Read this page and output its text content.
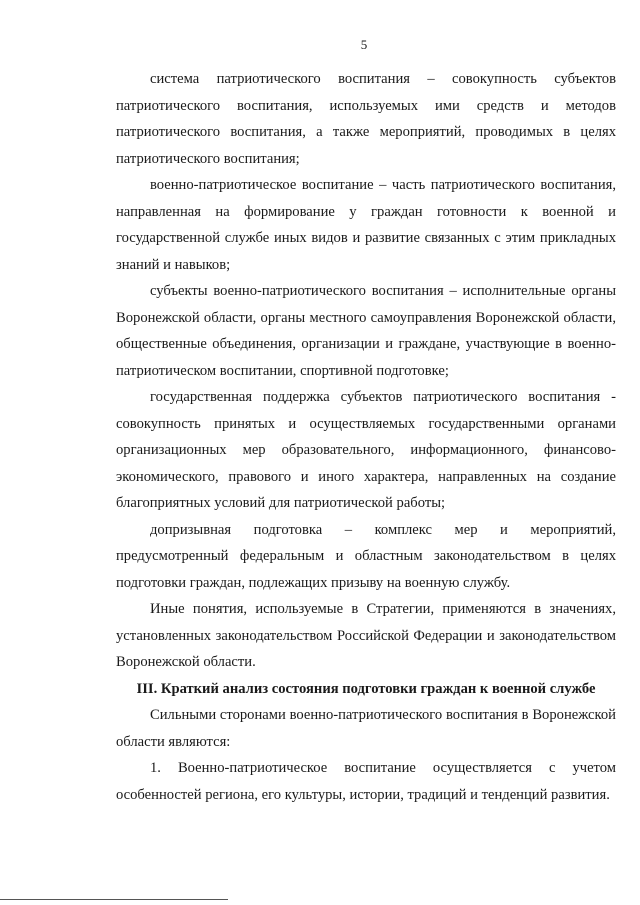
5

система патриотического воспитания – совокупность субъектов патриотического воспитания, используемых ими средств и методов патриотического воспитания, а также мероприятий, проводимых в целях патриотического воспитания;

военно-патриотическое воспитание – часть патриотического воспитания, направленная на формирование у граждан готовности к военной и государственной службе иных видов и развитие связанных с этим прикладных знаний и навыков;

субъекты военно-патриотического воспитания – исполнительные органы Воронежской области, органы местного самоуправления Воронежской области, общественные объединения, организации и граждане, участвующие в военно-патриотическом воспитании, спортивной подготовке;

государственная поддержка субъектов патриотического воспитания - совокупность принятых и осуществляемых государственными органами организационных мер образовательного, информационного, финансово-экономического, правового и иного характера, направленных на создание благоприятных условий для патриотической работы;

допризывная подготовка – комплекс мер и мероприятий, предусмотренный федеральным и областным законодательством в целях подготовки граждан, подлежащих призыву на военную службу.

Иные понятия, используемые в Стратегии, применяются в значениях, установленных законодательством Российской Федерации и законодательством Воронежской области.

III. Краткий анализ состояния подготовки граждан к военной службе

Сильными сторонами военно-патриотического воспитания в Воронежской области являются:

1. Военно-патриотическое воспитание осуществляется с учетом особенностей региона, его культуры, истории, традиций и тенденций развития.
